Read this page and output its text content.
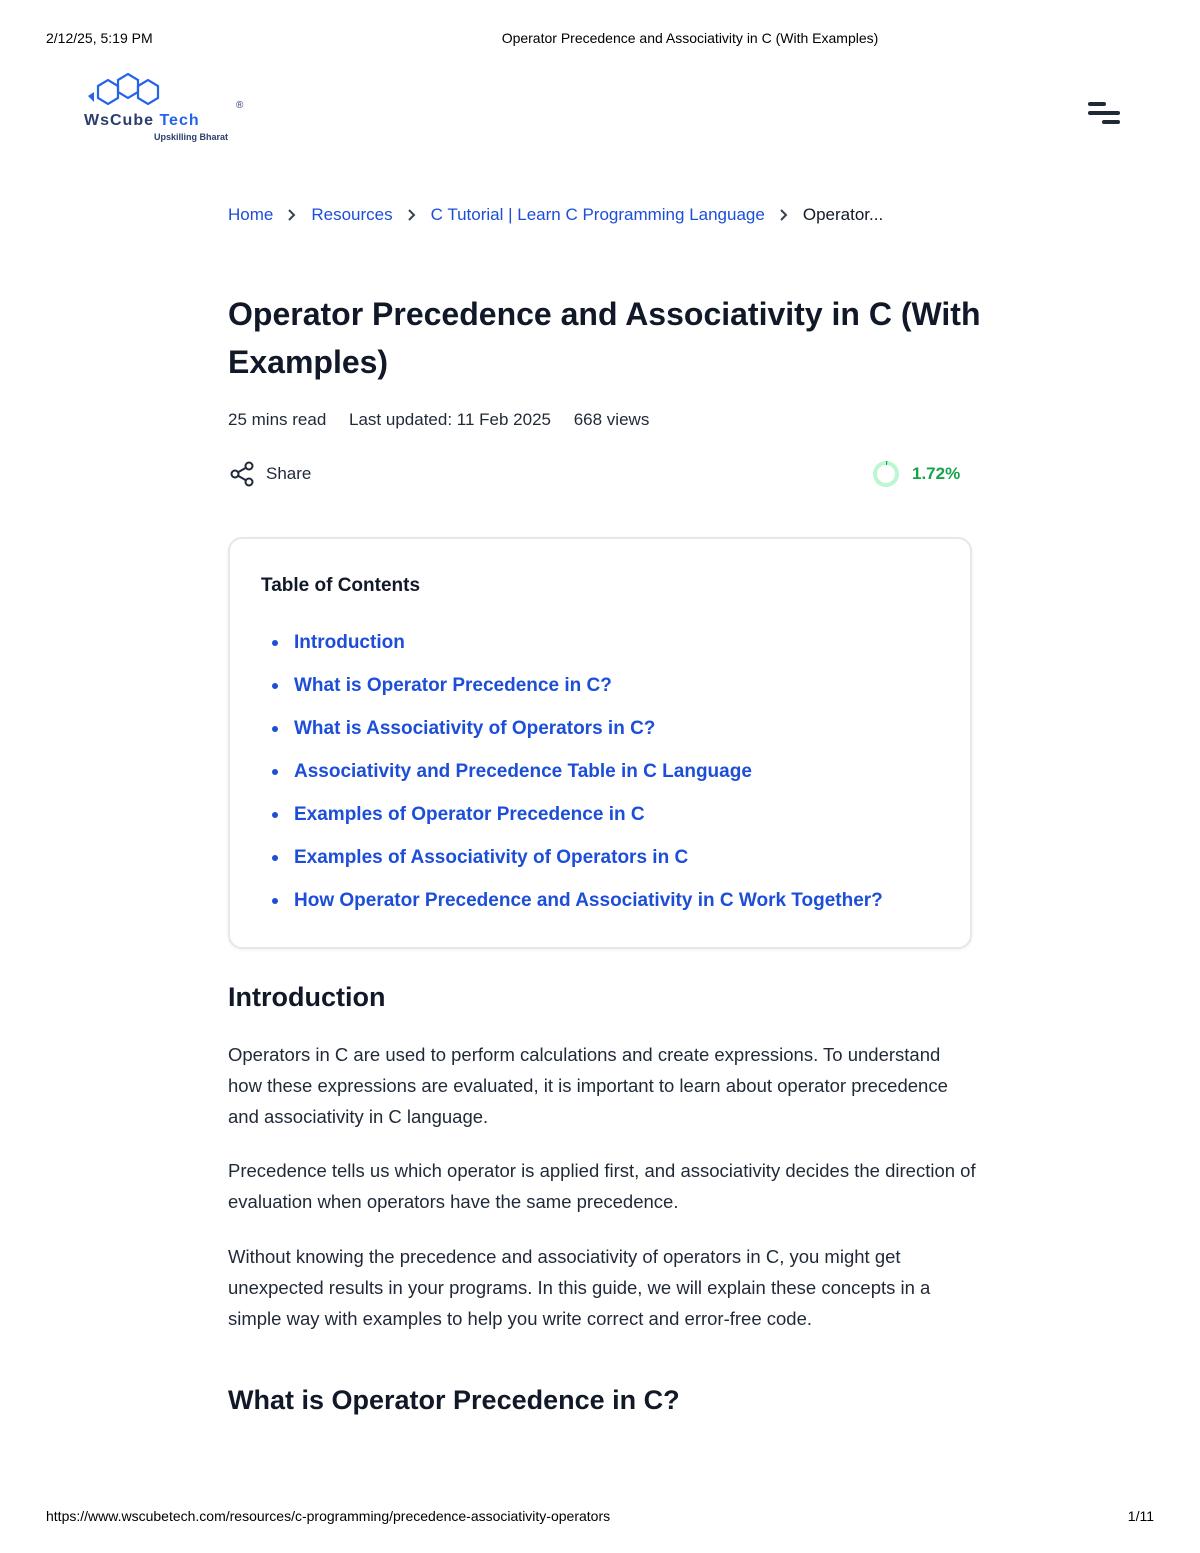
2/12/25, 5:19 PM	Operator Precedence and Associativity in C (With Examples)
WsCube Tech
®
Upskilling Bharat
Home Resources C Tutorial | Learn C Programming Language Operator...
Operator Precedence and Associativity in C (With Examples)
25 mins read Last updated: 11 Feb 2025 668 views
Share	1.72%
Table of Contents
Introduction
What is Operator Precedence in C?
What is Associativity of Operators in C?
Associativity and Precedence Table in C Language
Examples of Operator Precedence in C
Examples of Associativity of Operators in C
How Operator Precedence and Associativity in C Work Together?
Introduction

Operators in C are used to perform calculations and create expressions. To understand how these expressions are evaluated, it is important to learn about operator precedence and associativity in C language.

Precedence tells us which operator is applied first, and associativity decides the direction of evaluation when operators have the same precedence.

Without knowing the precedence and associativity of operators in C, you might get unexpected results in your programs. In this guide, we will explain these concepts in a simple way with examples to help you write correct and error-free code.

What is Operator Precedence in C?
https://www.wscubetech.com/resources/c-programming/precedence-associativity-operators	1/11
